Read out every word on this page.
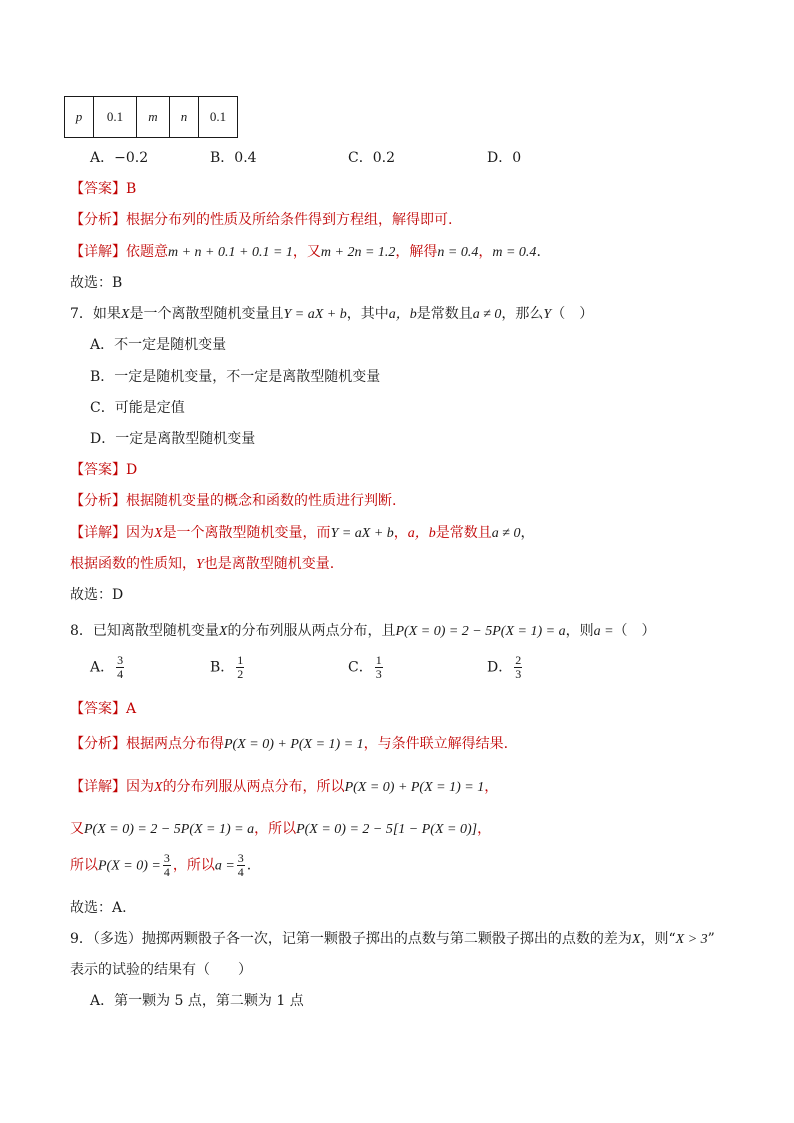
p	0.1	m	n	0.1
A．−0.2	B．0.4	C．0.2	D．0
【答案】B
【分析】根据分布列的性质及所给条件得到方程组，解得即可.
【详解】依题意m + n + 0.1 + 0.1 = 1，又m + 2n = 1.2，解得n = 0.4，m = 0.4.
故选：B
7．如果X是一个离散型随机变量且Y = aX + b，其中a，b是常数且a ≠ 0，那么Y（　）
A．不一定是随机变量
B．一定是随机变量，不一定是离散型随机变量
C．可能是定值
D．一定是离散型随机变量
【答案】D
【分析】根据随机变量的概念和函数的性质进行判断.
【详解】因为X是一个离散型随机变量，而Y = aX + b，a，b是常数且a ≠ 0，
根据函数的性质知，Y也是离散型随机变量.
故选：D
8．已知离散型随机变量X的分布列服从两点分布，且P(X = 0) = 2 − 5P(X = 1) = a，则a =（　）
A． $\frac{3}{4}$	B． $\frac{1}{2}$	C． $\frac{1}{3}$	D． $\frac{2}{3}$
【答案】A
【分析】根据两点分布得P(X = 0) + P(X = 1) = 1，与条件联立解得结果.
【详解】因为X的分布列服从两点分布，所以P(X = 0) + P(X = 1) = 1，
又P(X = 0) = 2 − 5P(X = 1) = a，所以P(X = 0) = 2 − 5[1 − P(X = 0)]，
所以$P(X = 0) = \frac{3}{4}$ ，所以$a = \frac{3}{4}$ .
故选：A.
9．（多选）抛掷两颗骰子各一次，记第一颗骰子掷出的点数与第二颗骰子掷出的点数的差为X，则“X > 3”
表示的试验的结果有（　　）
A．第一颗为 5 点，第二颗为 1 点
